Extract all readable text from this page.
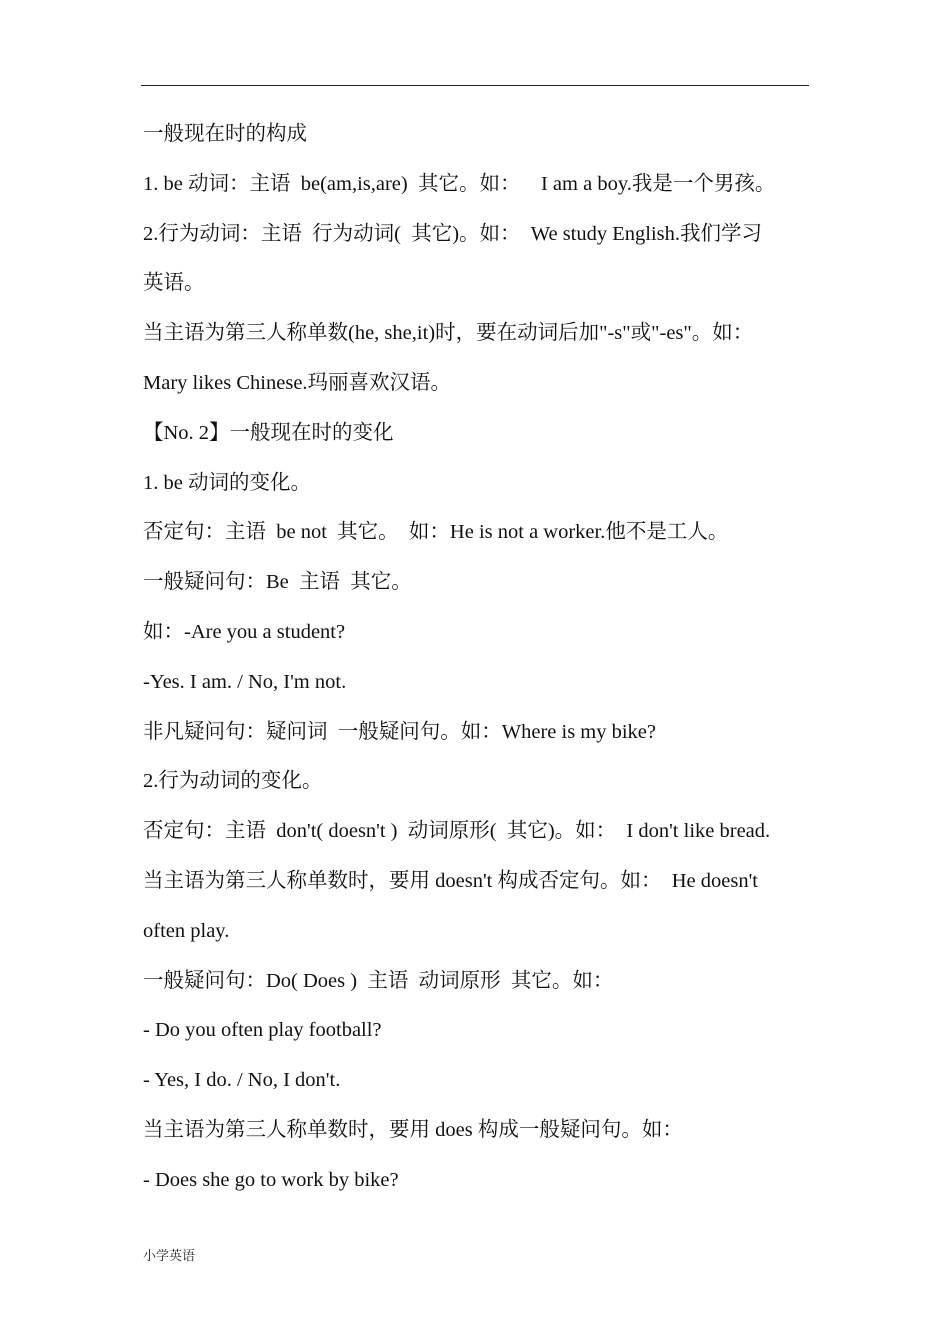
一般现在时的构成
1. be 动词：主语  be(am,is,are)  其它。如：    I am a boy.我是一个男孩。
2.行为动词：主语  行为动词(  其它)。如：  We study English.我们学习
英语。
当主语为第三人称单数(he, she,it)时，要在动词后加"-s"或"-es"。如：
Mary likes Chinese.玛丽喜欢汉语。
【No. 2】一般现在时的变化
1. be 动词的变化。
否定句：主语  be not  其它。  如：He is not a worker.他不是工人。
一般疑问句：Be  主语  其它。
如：-Are you a student?
-Yes. I am. / No, I'm not.
非凡疑问句：疑问词  一般疑问句。如：Where is my bike?
2.行为动词的变化。
否定句：主语  don't( doesn't )  动词原形(  其它)。如：  I don't like bread.
当主语为第三人称单数时，要用 doesn't 构成否定句。如：  He doesn't
often play.
一般疑问句：Do( Does )  主语  动词原形  其它。如：
- Do you often play football?
- Yes, I do. / No, I don't.
当主语为第三人称单数时，要用 does 构成一般疑问句。如：
- Does she go to work by bike?
小学英语
